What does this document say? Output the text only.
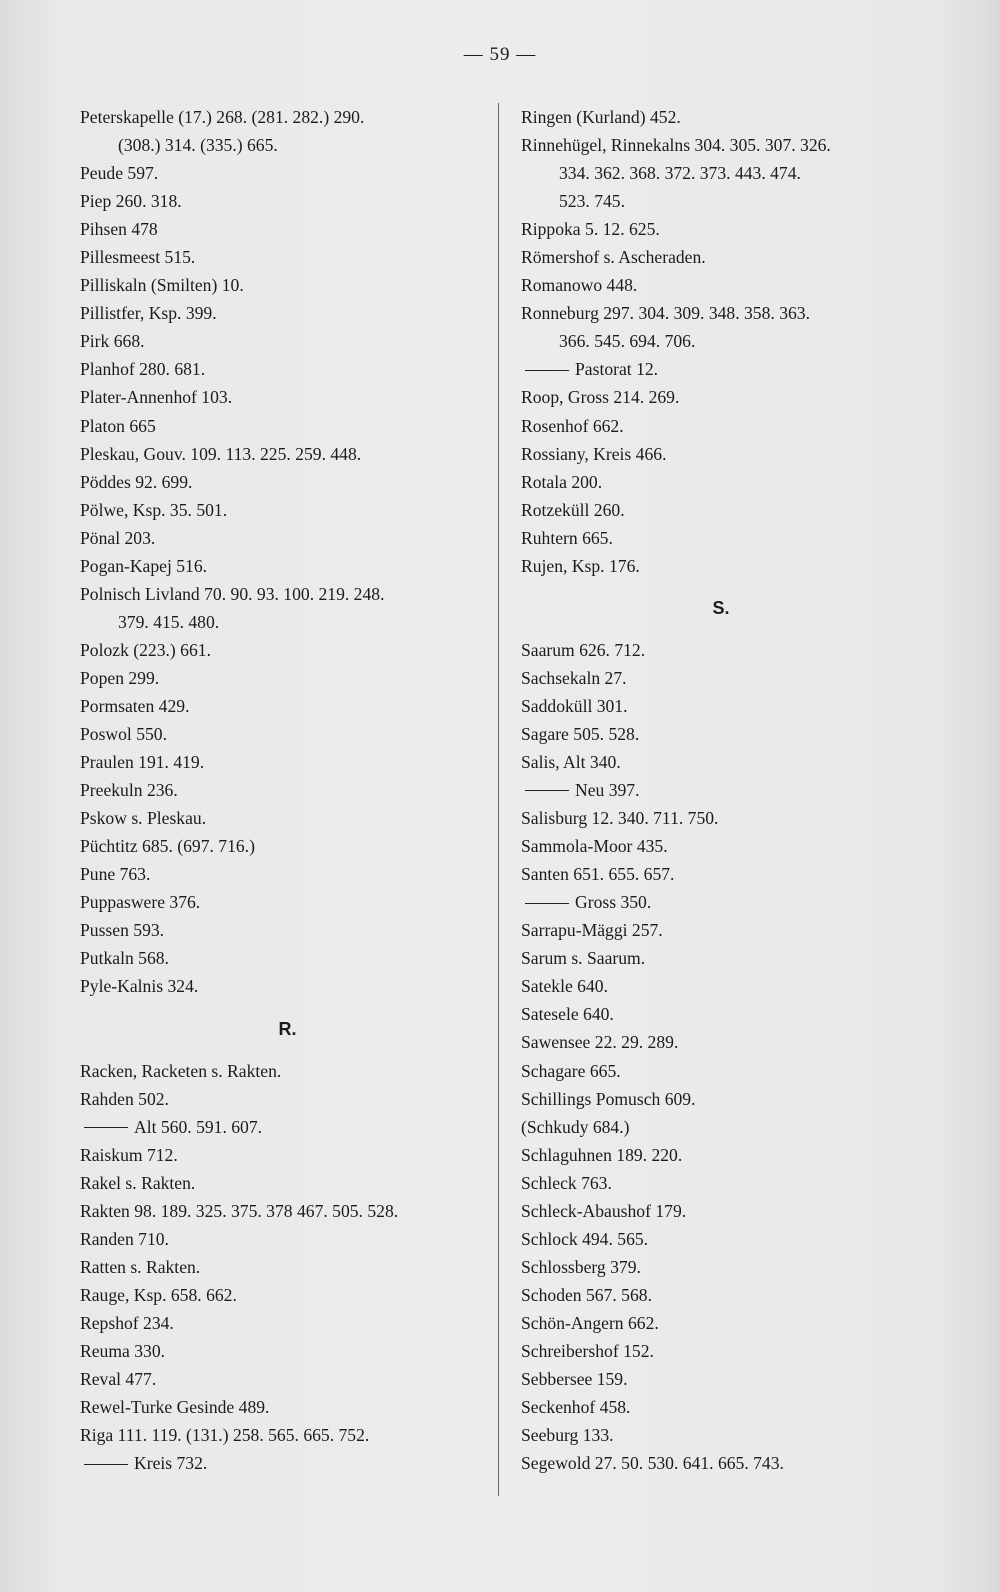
— 59 —
Peterskapelle (17.) 268. (281. 282.) 290.
(308.) 314. (335.) 665.
Peude 597.
Piep 260. 318.
Pihsen 478
Pillesmeest 515.
Pilliskaln (Smilten) 10.
Pillistfer, Ksp. 399.
Pirk 668.
Planhof 280. 681.
Plater-Annenhof 103.
Platon 665
Pleskau, Gouv. 109. 113. 225. 259. 448.
Pöddes 92. 699.
Pölwe, Ksp. 35. 501.
Pönal 203.
Pogan-Kapej 516.
Polnisch Livland 70. 90. 93. 100. 219. 248.
379. 415. 480.
Polozk (223.) 661.
Popen 299.
Pormsaten 429.
Poswol 550.
Praulen 191. 419.
Preekuln 236.
Pskow s. Pleskau.
Püchtitz 685. (697. 716.)
Pune 763.
Puppaswere 376.
Pussen 593.
Putkaln 568.
Pyle-Kalnis 324.
R.
Racken, Racketen s. Rakten.
Rahden 502.
Alt 560. 591. 607.
Raiskum 712.
Rakel s. Rakten.
Rakten 98. 189. 325. 375. 378 467. 505. 528.
Randen 710.
Ratten s. Rakten.
Rauge, Ksp. 658. 662.
Repshof 234.
Reuma 330.
Reval 477.
Rewel-Turke Gesinde 489.
Riga 111. 119. (131.) 258. 565. 665. 752.
Kreis 732.
Ringen (Kurland) 452.
Rinnehügel, Rinnekalns 304. 305. 307. 326.
334. 362. 368. 372. 373. 443. 474.
523. 745.
Rippoka 5. 12. 625.
Römershof s. Ascheraden.
Romanowo 448.
Ronneburg 297. 304. 309. 348. 358. 363.
366. 545. 694. 706.
Pastorat 12.
Roop, Gross 214. 269.
Rosenhof 662.
Rossiany, Kreis 466.
Rotala 200.
Rotzeküll 260.
Ruhtern 665.
Rujen, Ksp. 176.
S.
Saarum 626. 712.
Sachsekaln 27.
Saddoküll 301.
Sagare 505. 528.
Salis, Alt 340.
Neu 397.
Salisburg 12. 340. 711. 750.
Sammola-Moor 435.
Santen 651. 655. 657.
Gross 350.
Sarrapu-Mäggi 257.
Sarum s. Saarum.
Satekle 640.
Satesele 640.
Sawensee 22. 29. 289.
Schagare 665.
Schillings Pomusch 609.
(Schkudy 684.)
Schlaguhnen 189. 220.
Schleck 763.
Schleck-Abaushof 179.
Schlock 494. 565.
Schlossberg 379.
Schoden 567. 568.
Schön-Angern 662.
Schreibershof 152.
Sebbersee 159.
Seckenhof 458.
Seeburg 133.
Segewold 27. 50. 530. 641. 665. 743.
